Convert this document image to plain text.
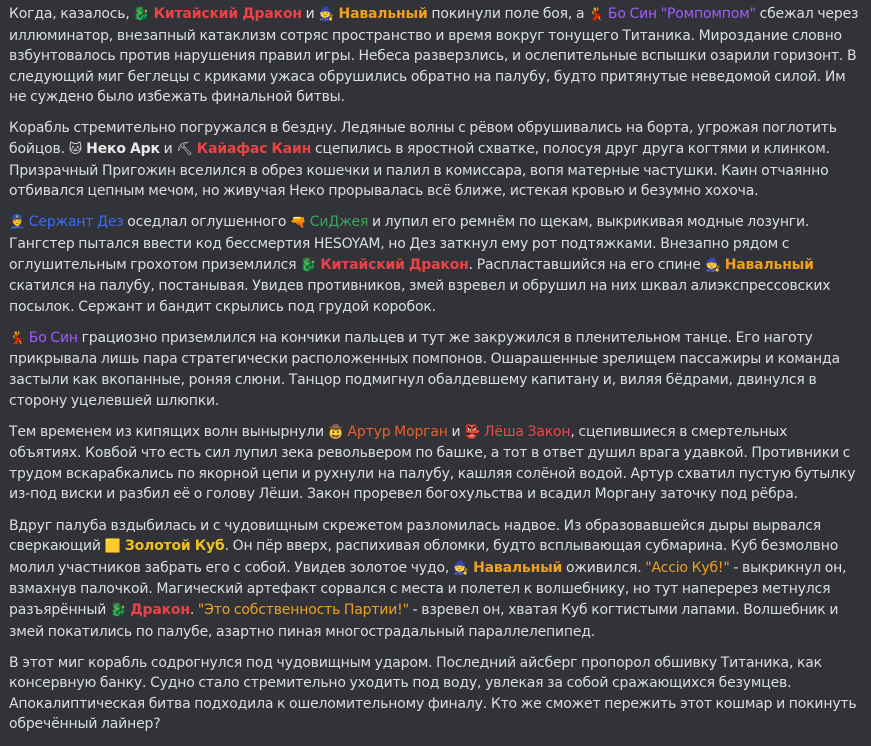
Когда, казалось, 🐉 Китайский Дракон и 🧙 Навальный покинули поле боя, а 💃 Бо Син "Ромпомпом" сбежал через иллюминатор, внезапный катаклизм сотряс пространство и время вокруг тонущего Титаника. Мироздание словно взбунтовалось против нарушения правил игры. Небеса разверзлись, и ослепительные вспышки озарили горизонт. В следующий миг беглецы с криками ужаса обрушились обратно на палубу, будто притянутые неведомой силой. Им не суждено было избежать финальной битвы.

Корабль стремительно погружался в бездну. Ледяные волны с рёвом обрушивались на борта, угрожая поглотить бойцов. 🐱 Неко Арк и ⛏ Кайафас Каин сцепились в яростной схватке, полосуя друг друга когтями и клинком. Призрачный Пригожин вселился в обрез кошечки и палил в комиссара, вопя матерные частушки. Каин отчаянно отбивался цепным мечом, но живучая Неко прорывалась всё ближе, истекая кровью и безумно хохоча.

👮 Сержант Дез оседлал оглушенного 🔫 СиДжея и лупил его ремнём по щекам, выкрикивая модные лозунги. Гангстер пытался ввести код бессмертия HESOYAM, но Дез заткнул ему рот подтяжками. Внезапно рядом с оглушительным грохотом приземлился 🐉 Китайский Дракон. Распластавшийся на его спине 🧙 Навальный скатился на палубу, постанывая. Увидев противников, змей взревел и обрушил на них шквал алиэкспрессовских посылок. Сержант и бандит скрылись под грудой коробок.

💃 Бо Син грациозно приземлился на кончики пальцев и тут же закружился в пленительном танце. Его наготу прикрывала лишь пара стратегически расположенных помпонов. Ошарашенные зрелищем пассажиры и команда застыли как вкопанные, роняя слюни. Танцор подмигнул обалдевшему капитану и, виляя бёдрами, двинулся в сторону уцелевшей шлюпки.

Тем временем из кипящих волн вынырнули 🤠 Артур Морган и 👺 Лёша Закон, сцепившиеся в смертельных объятиях. Ковбой что есть сил лупил зека револьвером по башке, а тот в ответ душил врага удавкой. Противники с трудом вскарабкались по якорной цепи и рухнули на палубу, кашляя солёной водой. Артур схватил пустую бутылку из-под виски и разбил её о голову Лёши. Закон проревел богохульства и всадил Моргану заточку под рёбра.

Вдруг палуба вздыбилась и с чудовищным скрежетом разломилась надвое. Из образовавшейся дыры вырвался сверкающий 🟨 Золотой Куб. Он пёр вверх, распихивая обломки, будто всплывающая субмарина. Куб безмолвно молил участников забрать его с собой. Увидев золотое чудо, 🧙 Навальный оживился. "Accio Куб!" - выкрикнул он, взмахнув палочкой. Магический артефакт сорвался с места и полетел к волшебнику, но тут наперерез метнулся разъярённый 🐉 Дракон. "Это собственность Партии!" - взревел он, хватая Куб когтистыми лапами. Волшебник и змей покатились по палубе, азартно пиная многострадальный параллелепипед.

В этот миг корабль содрогнулся под чудовищным ударом. Последний айсберг пропорол обшивку Титаника, как консервную банку. Судно стало стремительно уходить под воду, увлекая за собой сражающихся безумцев. Апокалиптическая битва подходила к ошеломительному финалу. Кто же сможет пережить этот кошмар и покинуть обречённый лайнер?
